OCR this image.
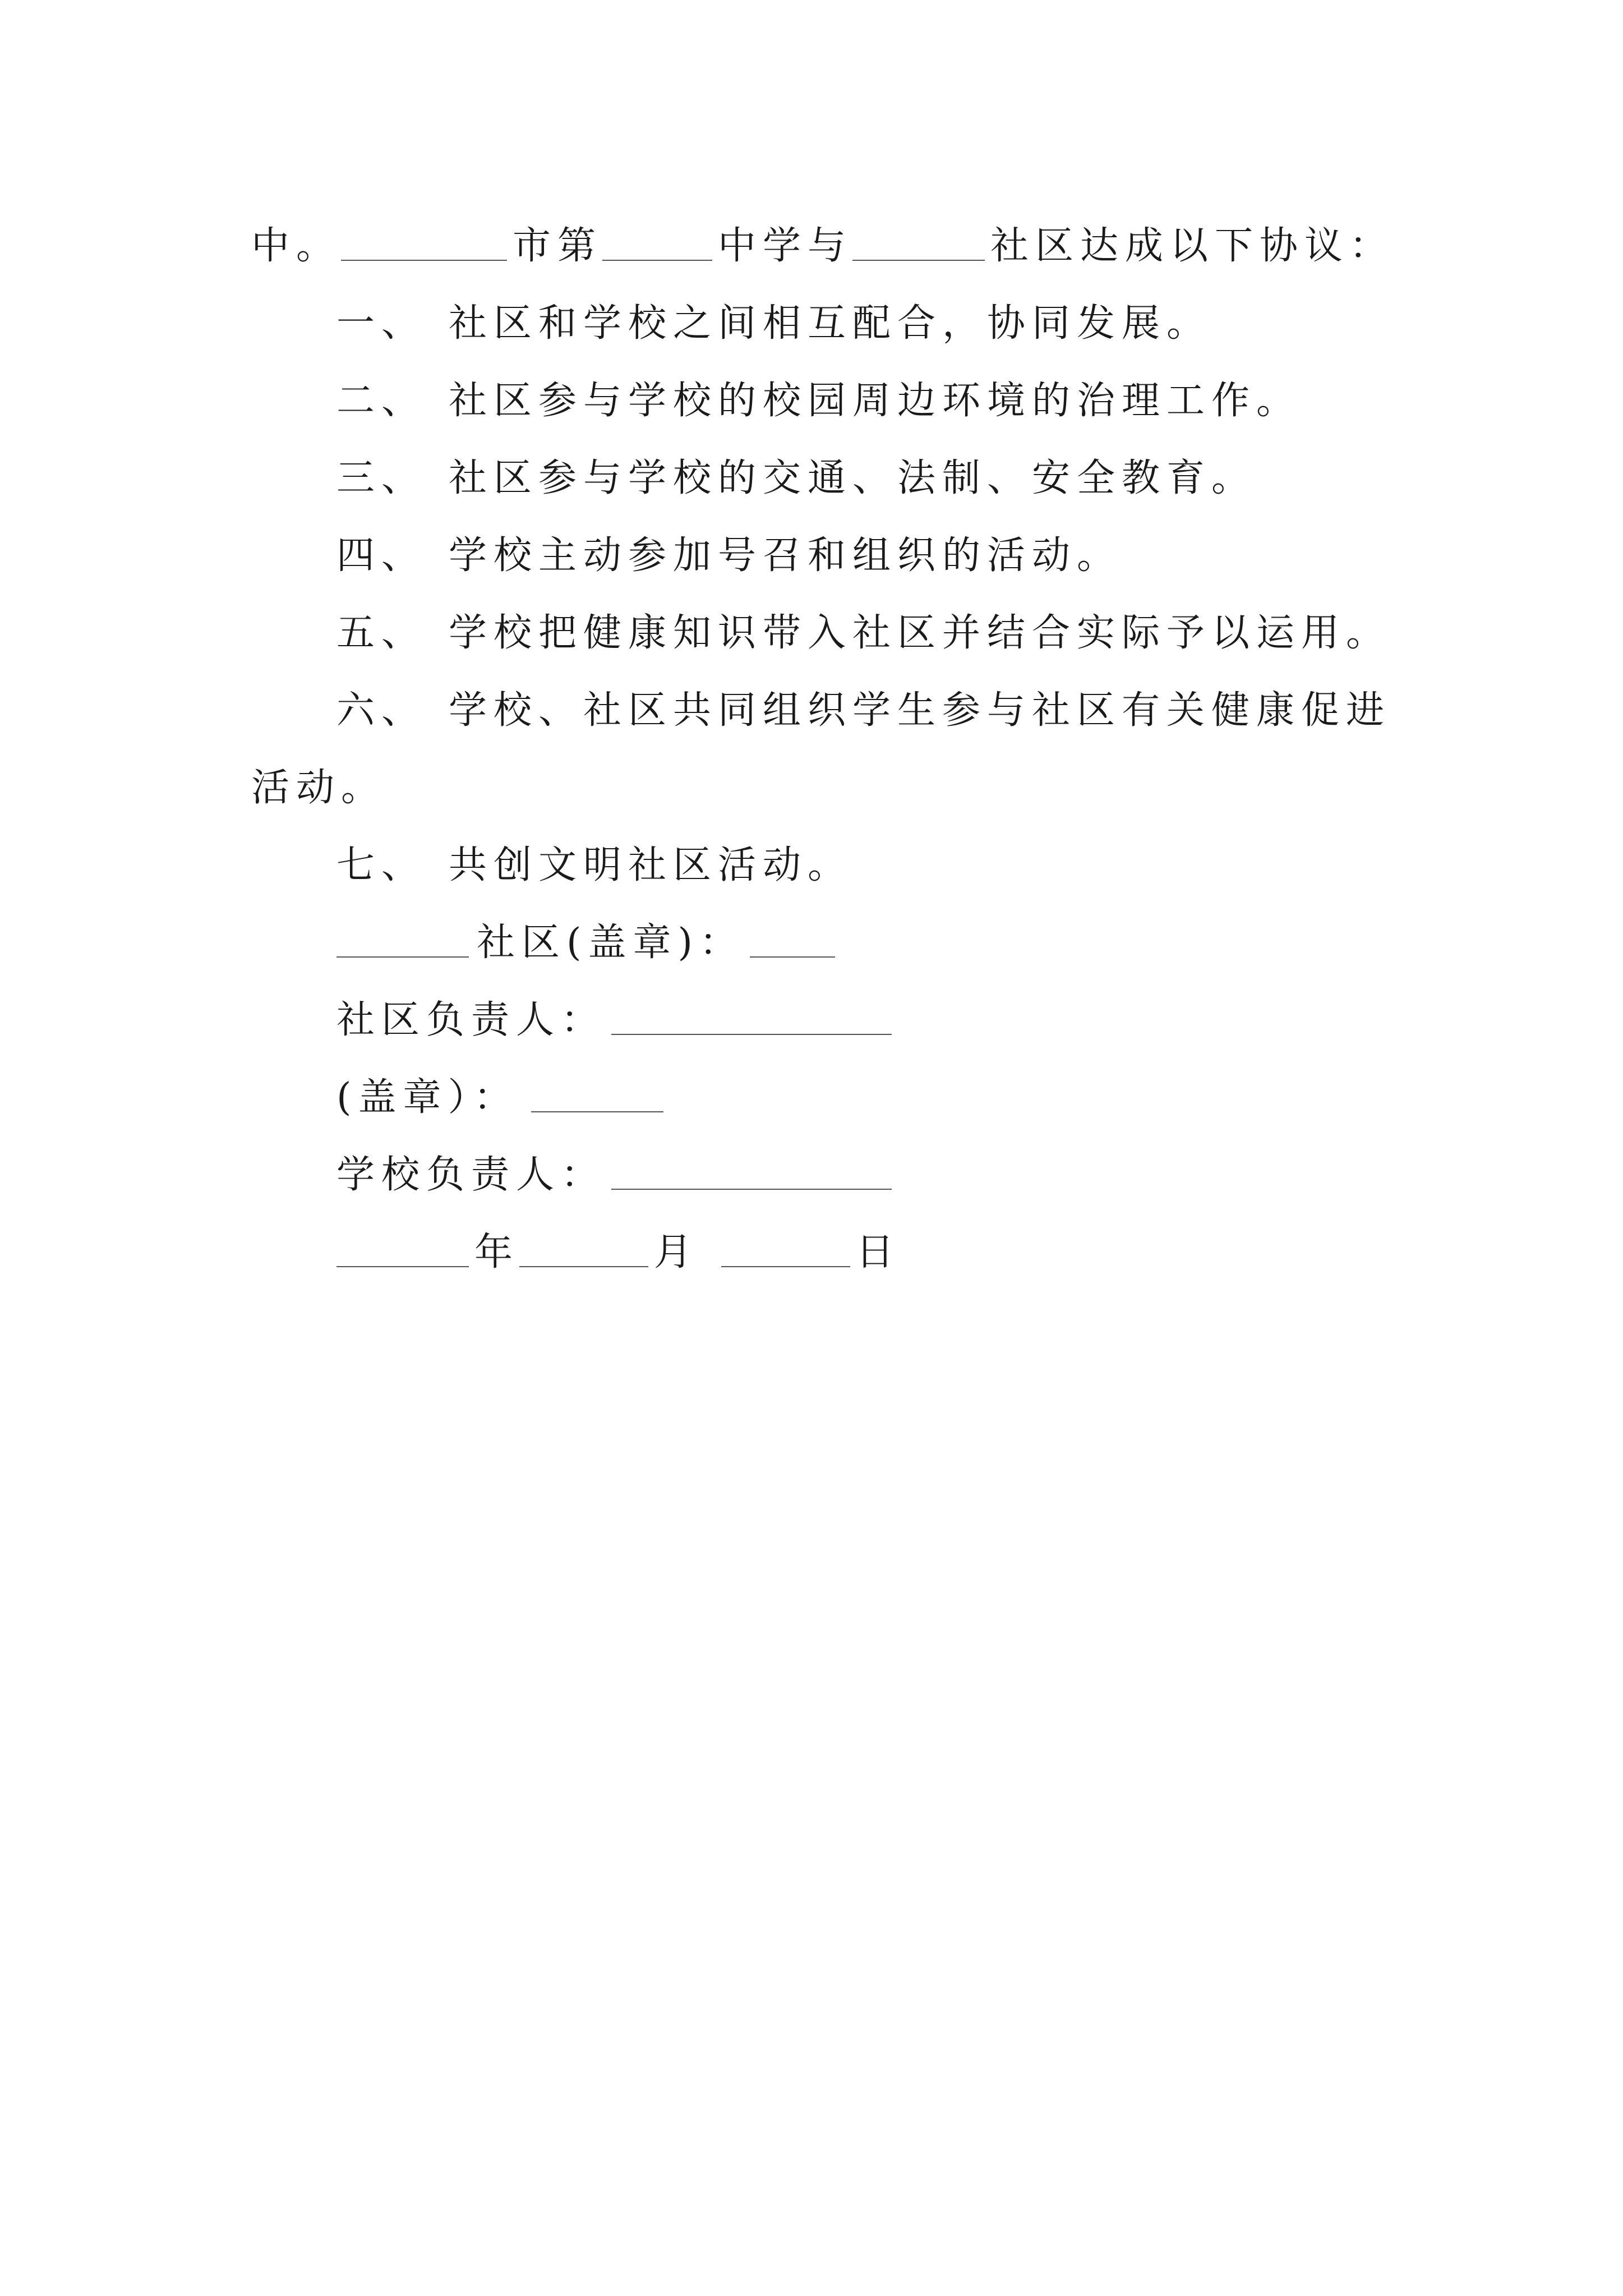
中。	市第	中学与	社区达成以下协议：
一、 社区和学校之间相互配合，协同发展。
二、 社区参与学校的校园周边环境的治理工作。
三、 社区参与学校的交通、法制、安全教育。
四、 学校主动参加号召和组织的活动。
五、 学校把健康知识带入社区并结合实际予以运用。
六、 学校、社区共同组织学生参与社区有关健康促进
活动。
七、 共创文明社区活动。
社区(盖章)：
社区负责人：
(盖章）：
学校负责人：
年	月	日
